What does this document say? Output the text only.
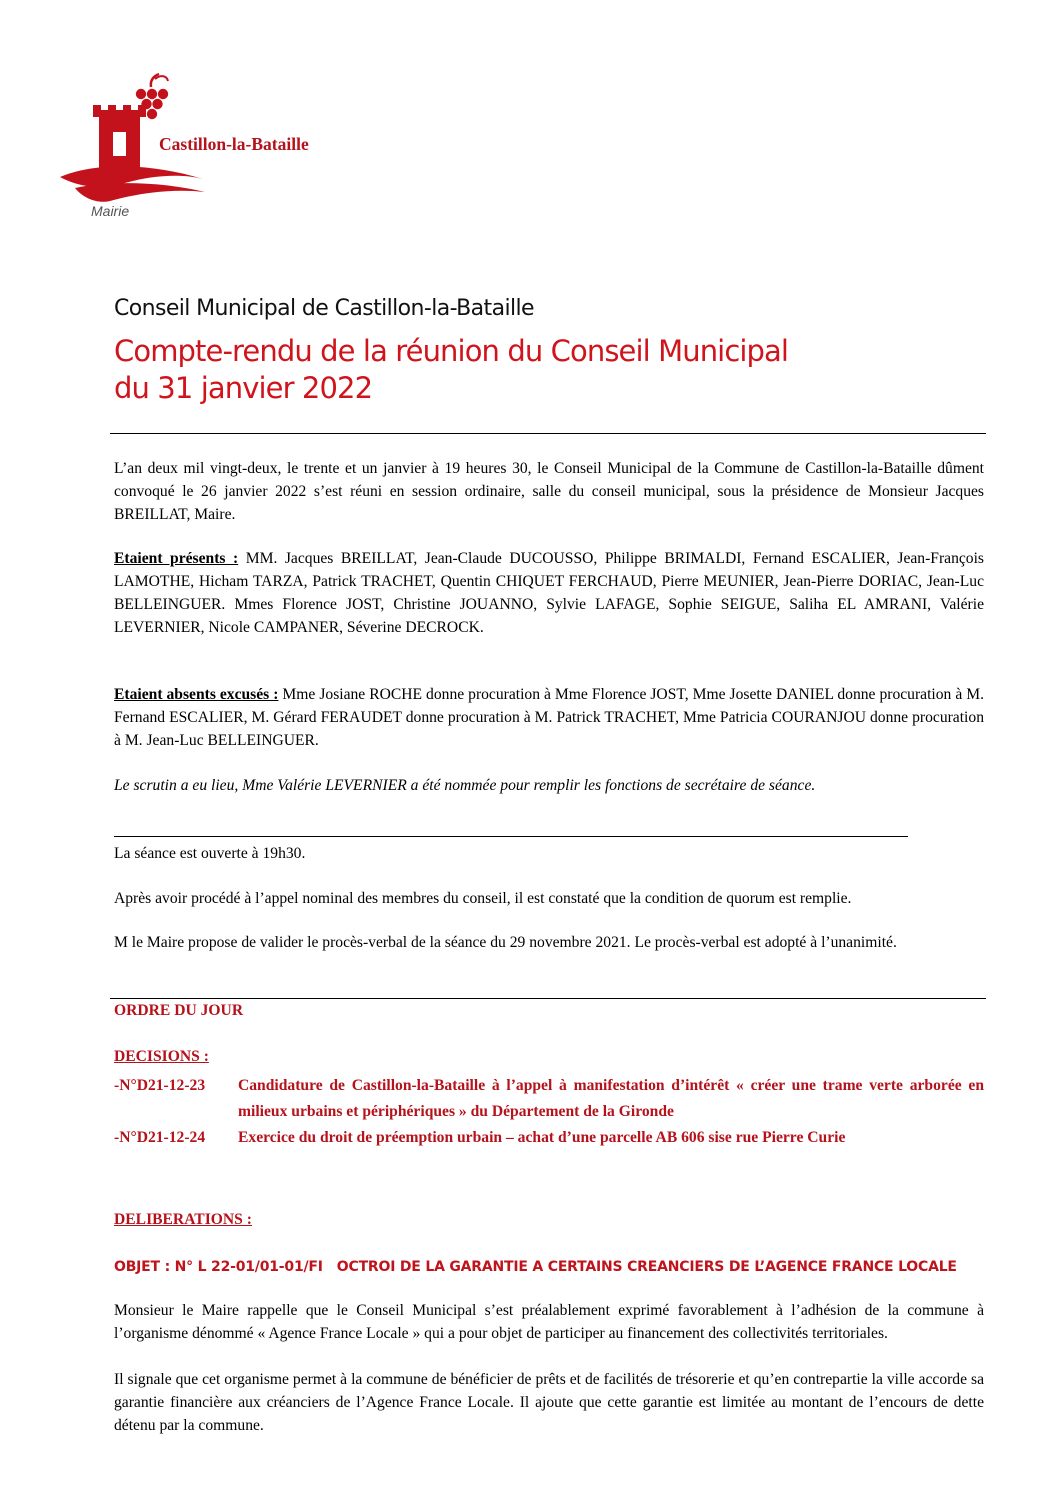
Castillon-la-Bataille
Mairie
Conseil Municipal de Castillon-la-Bataille
Compte-rendu de la réunion du Conseil Municipal
du 31 janvier 2022
L’an deux mil vingt-deux, le trente et un janvier à 19 heures 30, le Conseil Municipal de la Commune de Castillon-la-Bataille dûment convoqué le 26 janvier 2022 s’est réuni en session ordinaire, salle du conseil municipal, sous la présidence de Monsieur Jacques BREILLAT, Maire.
Etaient présents : MM. Jacques BREILLAT, Jean-Claude DUCOUSSO, Philippe BRIMALDI, Fernand ESCALIER, Jean-François LAMOTHE, Hicham TARZA, Patrick TRACHET, Quentin CHIQUET FERCHAUD, Pierre MEUNIER, Jean-Pierre DORIAC, Jean-Luc BELLEINGUER. Mmes Florence JOST, Christine JOUANNO, Sylvie LAFAGE, Sophie SEIGUE, Saliha EL AMRANI, Valérie LEVERNIER, Nicole CAMPANER, Séverine DECROCK.
Etaient absents excusés : Mme Josiane ROCHE donne procuration à Mme Florence JOST, Mme Josette DANIEL donne procuration à M. Fernand ESCALIER, M. Gérard FERAUDET donne procuration à M. Patrick TRACHET, Mme Patricia COURANJOU donne procuration à M. Jean-Luc BELLEINGUER.
Le scrutin a eu lieu, Mme Valérie LEVERNIER a été nommée pour remplir les fonctions de secrétaire de séance.
La séance est ouverte à 19h30.
Après avoir procédé à l’appel nominal des membres du conseil, il est constaté que la condition de quorum est remplie.
M le Maire propose de valider le procès-verbal de la séance du 29 novembre 2021. Le procès-verbal est adopté à l’unanimité.
ORDRE DU JOUR
DECISIONS :
-N°D21-12-23	Candidature de Castillon-la-Bataille à l’appel à manifestation d’intérêt « créer une trame verte arborée en milieux urbains et périphériques » du Département de la Gironde
-N°D21-12-24	Exercice du droit de préemption urbain – achat d’une parcelle AB 606 sise rue Pierre Curie
DELIBERATIONS :
OBJET : N° L 22-01/01-01/FI   OCTROI DE LA GARANTIE A CERTAINS CREANCIERS DE L’AGENCE FRANCE LOCALE
Monsieur le Maire rappelle que le Conseil Municipal s’est préalablement exprimé favorablement à l’adhésion de la commune à l’organisme dénommé « Agence France Locale » qui a pour objet de participer au financement des collectivités territoriales.
Il signale que cet organisme permet à la commune de bénéficier de prêts et de facilités de trésorerie et qu’en contrepartie la ville accorde sa garantie financière aux créanciers de l’Agence France Locale. Il ajoute que cette garantie est limitée au montant de l’encours de dette détenu par la commune.
